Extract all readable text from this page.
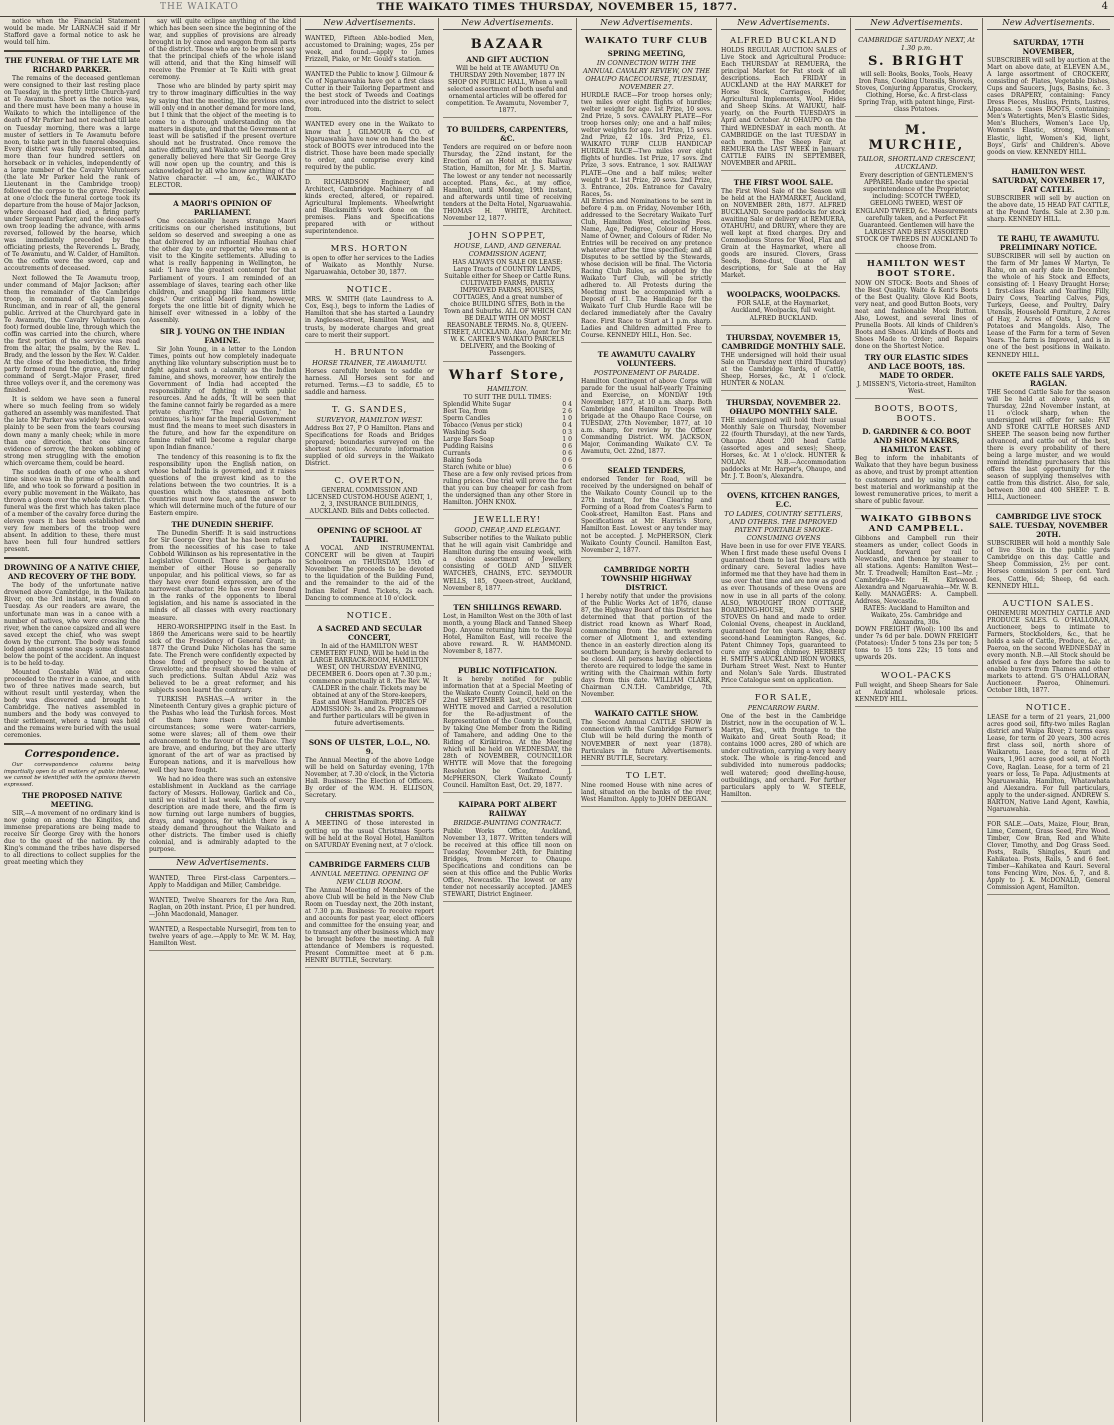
THE WAIKATO	THE WAIKATO TIMES THURSDAY, NOVEMBER 15, 1877.	4
notice when the Financial Statement would be made. Mr LARNACH said if Mr Stafford gave a formal notice to ask he would tell him.
THE FUNERAL OF THE LATE MR RICHARD PARKER.
The remains of the deceased gentleman were consigned to their last resting place on Tuesday, in the pretty little Church-yard at Te Awamutu. Short as the notice was, and there must have been many a house in Waikato to which the intelligence of the death of Mr Parker had not reached till late on Tuesday morning, there was a large muster of settlers in Te Awamutu before noon, to take part in the funeral obsequies. Every district was fully represented, and more than four hundred settlers on horseback or in vehicles, independently of a large number of the Cavalry Volunteers (the late Mr Parker held the rank of Lieutenant in the Cambridge troop) followed the corpse to the grave. Precisely at one o'clock the funeral cortege took its departure from the house of Major Jackson, where deceased had died, a firing party under Sergeant Parker, and the deceased's own troop leading the advance, with arms reversed, followed by the hearse, which was immediately preceded by the officiating priests, the Reverends L. Brady, of Te Awamutu, and W. Calder, of Hamilton. On the coffin were the sword, cap and accoutrements of deceased.
Next followed the Te Awamutu troop, under command of Major Jackson; after them the remainder of the Cambridge troop, in command of Captain James Runciman, and in rear of all, the general public. Arrived at the Churchyard gate in Te Awamutu, the Cavalry Volunteers (on foot) formed double line, through which the coffin was carried into the church, where the first portion of the service was read from the altar, the psalm, by the Rev. L. Brady, and the lesson by the Rev. W. Calder. At the close of the benediction, the firing party formed round the grave, and, under command of Sergt.-Major Fraser, fired three volleys over it, and the ceremony was finished.
It is seldom we have seen a funeral where so much feeling from so widely gathered an assembly was manifested. That the late Mr Parker was widely beloved was plainly to be seen from the tears coursing down many a manly cheek; while in more than one direction, that one sincere evidence of sorrow, the broken sobbing of strong men struggling with the emotion which overcame them, could be heard.
The sudden death of one who a short time since was in the prime of health and life, and who took so forward a position in every public movement in the Waikato, has thrown a gloom over the whole district. The funeral was the first which has taken place of a member of the cavalry force during the eleven years it has been established and very few members of the troop were absent. In addition to these, there must have been full four hundred settlers present.
DROWNING OF A NATIVE CHIEF, AND RECOVERY OF THE BODY.
The body of the unfortunate native drowned above Cambridge, in the Waikato River, on the 3rd instant, was found on Tuesday. As our readers are aware, the unfortunate man was in a canoe with a number of natives, who were crossing the river, when the canoe capsized and all were saved except the chief, who was swept down by the current. The body was found lodged amongst some snags some distance below the point of the accident. An inquest is to be held to-day.
Mounted Constable Wild at once proceeded to the river in a canoe, and with two of three natives made search, but without result until yesterday, when the body was discovered and brought to Cambridge. The natives assembled in numbers and the body was conveyed to their settlement, where a tangi was held and the remains were buried with the usual ceremonies.
Correspondence.
Our correspondence columns being impartially open to all matters of public interest, we cannot be identified with the opinions therein expressed.
THE PROPOSED NATIVE MEETING.
SIR,—A movement of no ordinary kind is now going on among the Kingites, and immense preparations are being made to receive Sir George Grey with the honors due to the guest of the nation. By the King's command the tribes have dispersed to all directions to collect supplies for the great meeting which they
say will quite eclipse anything of the kind which has been seen since the beginning of the war, and supplies of provisions are already brought in by canoe and waggon from all parts of the district. Those who are to be present say that the principal chiefs of the whole island will attend, and that the King himself will receive the Premier at Te Kuiti with great ceremony.
Those who are blinded by party spirit may try to throw imaginary difficulties in the way by saying that the meeting, like previous ones, will only end in another demand for more land, but I think that the object of the meeting is to come to a thorough understanding on the matters in dispute, and that the Government at least will be satisfied if the present overture should not be frustrated. Once remove the native difficulty, and Waikato will be made. It is generally believed here that Sir George Grey will now open up the country, and this is acknowledged by all who know anything of the Native character. —I am, &c., WAIKATO ELECTOR.
A MAORI'S OPINION OF PARLIAMENT.
One occasionally hears strange Maori criticisms on our cherished institutions, but seldom so deserved and sweeping a one as that delivered by an influential Hauhau chief the other day to our reporter, who was on a visit to the Kingite settlements. Alluding to what is really happening in Wellington, he said: 'I have the greatest contempt for that Parliament of yours. I am reminded of an assemblage of slaves, tearing each other like children, and snapping like hammers little dogs.' Our critical Maori friend, however, forgets the one little bit of dignity which he himself ever witnessed in a lobby of the Assembly.
SIR J. YOUNG ON THE INDIAN FAMINE.
Sir John Young, in a letter to the London Times, points out how completely inadequate anything like voluntary subscription must be to fight against such a calamity as the Indian famine, and shows, moreover, how entirely the Government of India had accepted the responsibility of fighting it with public resources. And he adds, 'It will be seen that the famine cannot fairly be regarded as a mere private charity.' 'The real question,' he continues, 'is how far the Imperial Government must find the means to meet such disasters in the future, and how far the expenditure on famine relief will become a regular charge upon Indian finance.'
The tendency of this reasoning is to fix the responsibility upon the English nation, on whose behalf India is governed, and it raises questions of the gravest kind as to the relations between the two countries. It is a question which the statesmen of both countries must now face, and the answer to which will determine much of the future of our Eastern empire.
THE DUNEDIN SHERIFF.
The Dunedin Sheriff: It is said instructions for Sir George Grey that he has been refused from the necessities of his case to take Cobbold Wilkinson as his representative in the Legislative Council. There is perhaps no member of either House so generally unpopular, and his political views, so far as they have ever found expression, are of the narrowest character. He has ever been found in the ranks of the opponents to liberal legislation, and his name is associated in the minds of all classes with every reactionary measure.
HERO-WORSHIPPING itself in the East. In 1869 the Americans were said to be heartily sick of the Presidency of General Grant; in 1877 the Grand Duke Nicholas has the same fate. The French were confidently expected by those fond of prophecy to be beaten at Gravelotte; and the result showed the value of such predictions. Sultan Abdul Aziz was believed to be a great reformer, and his subjects soon learnt the contrary.
TURKISH PASHAS.—A writer in the Nineteenth Century gives a graphic picture of the Pashas who lead the Turkish forces. Most of them have risen from humble circumstances; some were water-carriers, some were slaves; all of them owe their advancement to the favour of the Palace. They are brave, and enduring, but they are utterly ignorant of the art of war as practised by European nations, and it is marvellous how well they have fought.
We had no idea there was such an extensive establishment in Auckland as the carriage factory of Messrs. Holloway, Garlick and Co., until we visited it last week. Wheels of every description are made there, and the firm is now turning out large numbers of buggies, drays, and waggons, for which there is a steady demand throughout the Waikato and other districts. The timber used is chiefly colonial, and is admirably adapted to the purpose.
New Advertisements.
WANTED, Three First-class Carpenters.—Apply to Maddigan and Miller, Cambridge.
WANTED, Twelve Shearers for the Awa Run, Raglan, on 20th instant. Price, £1 per hundred.—John Macdonald, Manager.
WANTED, a Respectable Nursegirl, from ten to twelve years of age.—Apply to Mr. W. M. Hay, Hamilton West.
New Advertisements.
WANTED, Fifteen Able-bodied Men, accustomed to Draining; wages, 25s per week, and found.—apply to James Frizzell, Piako, or Mr. Gould's station.
WANTED the Public to know J. Gilmour & Co of Ngaruawahia have got a first class Cutter in their Tailoring Department and the best stock of Tweeds and Coatings ever introduced into the district to select from.
WANTED every one in the Waikato to know that J. GILMOUR & CO. of Ngaruawahia have now on hand the best stock of BOOTS ever introduced into the district. Those have been made specially to order, and comprise every kind required by the public.
D. RICHARDSON Engineer, and Architect, Cambridge. Machinery of all kinds erected, altered, or repaired. Agricultural Implements. Wheelwright and Blacksmith's work done on the premises. Plans and Specifications prepared with or without superintendence.
MRS. HORTON
is open to offer her services to the Ladies of Waikato as Monthly Nurse. Ngaruawahia, October 30, 1877.
NOTICE.
MRS. W. SMITH (late Laundress to A. Cox, Esq.), begs to inform the Ladies of Hamilton that she has started a Laundry in Anglesea-street, Hamilton West, and trusts, by moderate charges and great care to merit their support.
H. BRUNTON
HORSE TRAINER, TE AWAMUTU.
Horses carefully broken to saddle or harness. All Horses sent for and returned. Terms.—£3 to saddle, £5 to saddle and harness.
T. G. SANDES,
SURVEYOR, HAMILTON WEST.
Address Box 27, P O Hamilton. Plans and Specifications for Roads and Bridges prepared; boundaries surveyed on the shortest notice. Accurate information supplied of old surveys in the Waikato District.
C. OVERTON,
GENERAL COMMISSION AND LICENSED CUSTOM-HOUSE AGENT, 1, 2, 3, INSURANCE BUILDINGS, AUCKLAND. Bills and Debts collected.
OPENING OF SCHOOL AT TAUPIRI.
A VOCAL AND INSTRUMENTAL CONCERT will be given at Taupiri Schoolroom on THURSDAY, 15th of November. The proceeds to be devoted to the liquidation of the Building Fund, and the remainder to the aid of the Indian Relief Fund. Tickets, 2s each. Dancing to commence at 10 o'clock.
NOTICE.
A SACRED AND SECULAR CONCERT,
In aid of the HAMILTON WEST CEMETERY FUND, Will be held in the LARGE BARRACK-ROOM, HAMILTON WEST, ON THURSDAY EVENING, DECEMBER 6. Doors open at 7.30 p.m.; commence punctually at 8. The Rev. W. CALDER in the chair. Tickets may be obtained at any of the Store-keepers, East and West Hamilton. PRICES OF ADMISSION: 3s. and 2s. Programmes and further particulars will be given in future advertisements.
SONS OF ULSTER, L.O.L., NO. 9.
The Annual Meeting of the above Lodge will be held on Saturday evening, 17th November, at 7.30 o'clock, in the Victoria Hall. Business: The Election of Officers. By order of the W.M. H. ELLISON, Secretary.
CHRISTMAS SPORTS.
A MEETING of those interested in getting up the usual Christmas Sports will be held at the Royal Hotel, Hamilton on SATURDAY Evening next, at 7 o'clock.
CAMBRIDGE FARMERS CLUB
ANNUAL MEETING. OPENING OF NEW CLUB ROOM.
The Annual Meeting of Members of the above Club will be held in the New Club Room on Tuesday next, the 20th instant, at 7.30 p.m. Business: To receive report and accounts for past year, elect officers and committee for the ensuing year, and to transact any other business which may be brought before the meeting. A full attendance of Members is requested. Present Committee meet at 6 p.m. HENRY BUTTLE, Secretary.
New Advertisements.
BAZAAR
AND GIFT AUCTION
Will be held at TE AWAMUTU On THURSDAY 29th November, 1877 IN SHOP ON PUBLIC HALL, When a well selected assortment of both useful and ornamental articles will be offered for competition. Te Awamutu, November 7, 1877.
TO BUILDERS, CARPENTERS, &C.
Tenders are required on or before noon Thursday, the 22nd instant, for the Erection of an Hotel at the Railway Station, Hamilton, for Mr. J. S. Martin. The lowest or any tender not necessarily accepted. Plans, &c., at my office, Hamilton, until Monday, 19th instant, and afterwards until time of receiving tenders at the Delta Hotel, Ngaruawahia. THOMAS H. WHITE, Architect. November 12, 1877.
JOHN SOPPET,
HOUSE, LAND, AND GENERAL COMMISSION AGENT,
HAS ALWAYS ON SALE OR LEASE: Large Tracts of COUNTRY LANDS, Suitable either for Sheep or Cattle Runs. CULTIVATED FARMS, PARTLY IMPROVED FARMS, HOUSES, COTTAGES, And a great number of choice BUILDING SITES, Both in the Town and Suburbs. ALL OF WHICH CAN BE DEALT WITH ON MOST REASONABLE TERMS. No. 8, QUEEN-STREET, AUCKLAND. Also, Agent for Mr. W. K. CARTER'S WAIKATO PARCELS DELIVERY, and the Booking of Passengers.
Wharf Store,
HAMILTON.
TO SUIT THE DULL TIMES:
Splendid White Sugar	0 4
Best Tea, from	2 6
Sperm Candles	1 0
Tobacco (Venus per stick)	0 4
Washing Soda	0 3
Large Bars Soap	1 0
Pudding Raisins	0 6
Currants	0 6
Baking Soda	0 6
Starch (white or blue)	0 6
These are a few only revised prices from ruling prices. One trial will prove the fact that you can buy cheaper for cash from the undersigned than any other Store in Hamilton. JOHN KNOX.
JEWELLERY!
GOOD, CHEAP, AND ELEGANT.
Subscriber notifies to the Waikato public that he will again visit Cambridge and Hamilton during the ensuing week, with a choice assortment of Jewellery, consisting of GOLD AND SILVER WATCHES, CHAINS, ETC. SEYMOUR WELLS, 185, Queen-street, Auckland, November 8, 1877.
TEN SHILLINGS REWARD.
Lost, in Hamilton West on the 30th of last month, a young Black and Tanned Sheep Dog. Anyone returning him to the Royal Hotel, Hamilton East, will receive the above reward. R. W. HAMMOND. November 8, 1877.
PUBLIC NOTIFICATION.
It is hereby notified for public information that at a Special Meeting of the Waikato County Council, held on the 22nd SEPTEMBER last, COUNCILLOR WHYTE moved and Carried a resolution for the Re-adjustment of the Representation of the County in Council, by taking One Member from the Riding of Tamahere, and adding One to the Riding of Kirikiriroa. At the Meeting which will be held on WEDNESDAY, the 28th of NOVEMBER, COUNCILLOR WHYTE will Move that the foregoing Resolution be Confirmed. J. McPHERSON, Clerk Waikato County Council. Hamilton East, Oct. 29, 1877.
KAIPARA PORT ALBERT RAILWAY
BRIDGE-PAINTING CONTRACT.
Public Works Office, Auckland, November 13, 1877. Written tenders will be received at this office till noon on Tuesday, November 24th, for Painting Bridges, from Mercer to Ohaupo. Specifications and conditions can be seen at this office and the Public Works Office, Newcastle. The lowest or any tender not necessarily accepted. JAMES STEWART, District Engineer.
New Advertisements.
WAIKATO TURF CLUB
SPRING MEETING,
IN CONNECTION WITH THE ANNUAL CAVALRY REVIEW, ON THE OHAUPO RACECOURSE, TUESDAY, NOVEMBER 27.
HURDLE RACE—For troop horses only; two miles over eight flights of hurdles; welter weight for age. 1st Prize, 10 sovs. 2nd Prize, 5 sovs. CAVALRY PLATE—For troop horses only; one and a half miles; welter weights for age. 1st Prize, 15 sovs. 2nd Prize, £2 10s. 3rd Prize, £1. WAIKATO TURF CLUB HANDICAP HURDLE RACE—Two miles over eight flights of hurdles. 1st Prize, 17 sovs. 2nd Prize, 3 sovs. Entrance, 1 sov. RAILWAY PLATE—One and a half miles; welter weight 9 st. 1st Prize, 20 sovs. 2nd Prize, 3. Entrance, 20s. Entrance for Cavalry Races, 5s.
All Entries and Nominations to be sent in before 4 p.m. on Friday, November 16th, addressed to the Secretary Waikato Turf Club, Hamilton West, enclosing Fees. Name, Age, Pedigree, Colour of Horse, Name of Owner, and Colours of Rider. No Entries will be received on any pretence whatever after the time specified; and all Disputes to be settled by the Stewards, whose decision will be final. The Victoria Racing Club Rules, as adopted by the Waikato Turf Club, will be strictly adhered to. All Protests during the Meeting must be accompanied with a Deposit of £1. The Handicap for the Waikato Turf Club Hurdle Race will be declared immediately after the Cavalry Race. First Race to Start at 1 p.m. sharp. Ladies and Children admitted Free to Course. KENNEDY HILL, Hon. Sec.
TE AWAMUTU CAVALRY VOLUNTEERS.
POSTPONEMENT OF PARADE.
Hamilton Contingent of above Corps will parade for the usual half-yearly Training and Exercise, on MONDAY 19th November, 1877, at 10 a.m. sharp. Both Cambridge and Hamilton Troops will brigade at the Ohaupo Race Course, on TUESDAY, 27th November, 1877, at 10 a.m. sharp, for review by the Officer Commanding District. WM. JACKSON, Major, Commanding Waikato C.V. Te Awamutu, Oct. 22nd, 1877.
SEALED TENDERS,
endorsed Tender for Road, will be received by the undersigned on behalf of the Waikato County Council up to the 27th instant, for the Clearing and Forming of a Road from Coates's Farm to Cook-street, Hamilton East. Plans and Specifications at Mr. Harris's Store, Hamilton East. Lowest or any tender may not be accepted. J. McPHERSON, Clerk Waikato County Council. Hamilton East, November 2, 1877.
CAMBRIDGE NORTH TOWNSHIP HIGHWAY DISTRICT.
I hereby notify that under the provisions of the Public Works Act of 1876, clause 87, the Highway Board of this District has determined that that portion of the district road known as Wharf Road, commencing from the north western corner of Allotment 1, and extending thence in an easterly direction along its southern boundary, is hereby declared to be closed. All persons having objections thereto are required to lodge the same in writing with the Chairman within forty days from this date. WILLIAM CLARK, Chairman C.N.T.H. Cambridge, 7th November.
WAIKATO CATTLE SHOW.
The Second Annual CATTLE SHOW in connection with the Cambridge Farmer's Club will be held during the month of NOVEMBER of next year (1878). Particulars in future Advertisements. HENRY BUTTLE, Secretary.
TO LET.
Nine roomed House with nine acres of land, situated on the banks of the river, West Hamilton. Apply to JOHN DEEGAN.
New Advertisements.
ALFRED BUCKLAND
HOLDS REGULAR AUCTION SALES of Live Stock and Agricultural Produce: Each THURSDAY at REMUERA, the principal Market for Fat stock of all descriptions. Each FRIDAY in AUCKLAND at the HAY MARKET for Horse Stock, Carriages, Fodder, Agricultural Implements, Wool, Hides and Sheep Skins. At WAIUKU, half-yearly, on the Fourth TUESDAYS in April and October. At OHAUPO on the Third WEDNESDAY in each month. At CAMBRIDGE on the last TUESDAY in each month. The Sheep Fair, at REMUERA the LAST WEEK in January. CATTLE FAIRS IN SEPTEMBER, NOVEMBER and APRIL.
THE FIRST WOOL SALE.
The First Wool Sale of the Season will be held at the HAYMARKET, Auckland, on NOVEMBER 28th, 1877. ALFRED BUCKLAND. Secure paddocks for stock awaiting Sale or delivery at REMUERA, OTAHUHU, and DRURY, where they are well kept at fixed charges. Dry and Commodious Stores for Wool, Flax and Grain at the Haymarket, where all goods are insured. Clovers, Grass Seeds, Bone-dust, Guano of all descriptions, for Sale at the Hay Market.
WOOLPACKS, WOOLPACKS.
FOR SALE, at the Haymarket, Auckland, Woolpacks, full weight. ALFRED BUCKLAND.
THURSDAY, NOVEMBER 15, CAMBRIDGE MONTHLY SALE.
THE undersigned will hold their usual Sale on Thursday next (third Thursday) at the Cambridge Yards, of Cattle, Sheep, Horses, &c., At 1 o'clock. HUNTER & NOLAN.
THURSDAY, NOVEMBER 22. OHAUPO MONTHLY SALE.
THE undersigned will hold their usual Monthly Sale on Thursday, November 22 (fourth Thursday), at the new Yards, Ohaupo. About 200 head Cattle (assorted ages and sexes); Sheep, Horses, &c. At 1 o'clock. HUNTER & NOLAN. N.B.—Accommodation paddocks at Mr. Harper's, Ohaupo, and Mr. J. T. Boon's, Alexandra.
OVENS, KITCHEN RANGES, E.C.
TO LADIES, COUNTRY SETTLERS, AND OTHERS. THE IMPROVED PATENT PORTABLE SMOKE-CONSUMING OVENS
Have been in use for over FIVE YEARS. When I first made these useful Ovens I guaranteed them to last five years with ordinary care. Several ladies have informed me that they have had them in use over that time and are now as good as ever. Thousands of these Ovens are now in use in all parts of the colony. ALSO, WROUGHT IRON COTTAGE, BOARDING-HOUSE, AND SHIP STOVES On hand and made to order. Colonial Ovens, cheapest in Auckland, guaranteed for ten years. Also, cheap second-hand Leamington Ranges, &c. Patent Chimney Tops, guaranteed to cure any smoking chimney. HERBERT H. SMITH'S AUCKLAND IRON WORKS, Durham Street West. Next to Hunter and Nolan's Sale Yards. Illustrated Price Catalogue sent on application.
FOR SALE,
PENCARROW FARM.
One of the best in the Cambridge District, now in the occupation of W. L. Martyn, Esq., with frontage to the Waikato and Great South Road; it contains 1000 acres, 280 of which are under cultivation, carrying a very heavy stock. The whole is ring-fenced and subdivided into numerous paddocks; well watered; good dwelling-house, outbuildings, and orchard. For further particulars apply to W. STEELE, Hamilton.
New Advertisements.
CAMBRIDGE SATURDAY NEXT, At 1.30 p.m.
S. BRIGHT
will sell: Books, Books, Tools, Heavy Iron Pans, Cooking Utensils, Shovels, Stoves, Conjuring Apparatus, Crockery, Clothing, Horse, &c. A first-class Spring Trap, with patent hinge, First-class Potatoes.
M. MURCHIE,
TAILOR, SHORTLAND CRESCENT, AUCKLAND.
Every description of GENTLEMEN'S APPAREL Made under the special superintendence of the Proprietor, including: SCOTCH TWEED, GEELONG TWEED, WEST OF ENGLAND TWEED, &c. Measurements carefully taken, and a Perfect Fit Guaranteed. Gentlemen will have the LARGEST AND BEST ASSORTED STOCK OF TWEEDS IN AUCKLAND To choose from.
HAMILTON WEST BOOT STORE.
NOW ON STOCK: Boots and Shoes of the Best Quality. Waite & Kent's Boots of the Best Quality. Glove Kid Boots, very neat, and good Button Boots, very neat and fashionable Mock Button. Also, Lowest, and several lines of Prunella Boots. All kinds of Children's Boots and Shoes. All kinds of Boots and Shoes Made to Order; and Repairs done on the Shortest Notice.
TRY OUR ELASTIC SIDES AND LACE BOOTS, 18S. MADE TO ORDER.
J. MISSEN'S, Victoria-street, Hamilton West.
BOOTS, BOOTS, BOOTS.
D. GARDINER & CO. BOOT AND SHOE MAKERS, HAMILTON EAST.
Beg to inform the inhabitants of Waikato that they have begun business as above, and trust by prompt attention to customers and by using only the best material and workmanship at the lowest remunerative prices, to merit a share of public favour.
WAIKATO GIBBONS AND CAMPBELL.
Gibbons and Campbell run their steamers as under, collect Goods in Auckland, forward per rail to Newcastle, and thence by steamer to all stations. Agents: Hamilton West—Mr. T. Treadwell; Hamilton East—Mr. ; Cambridge—Mr. H. Kirkwood. Alexandra and Ngaruawahia—Mr. W. B. Kelly. MANAGERS: A. Campbell. Address, Newcastle.
RATES: Auckland to Hamilton and Waikato, 25s. Cambridge and Alexandra, 30s.
DOWN FREIGHT (Wool): 100 lbs and under 7s 6d per bale. DOWN FREIGHT (Potatoes): Under 5 tons 23s per ton; 5 tons to 15 tons 22s; 15 tons and upwards 20s.
WOOL-PACKS
Full weight, and Sheep Shears for Sale at Auckland wholesale prices. KENNEDY HILL.
New Advertisements.
SATURDAY, 17TH NOVEMBER,
SUBSCRIBER will sell by auction at the Mart on above date, at ELEVEN A.M., A large assortment of CROCKERY, consisting of: Plates, Vegetable Dishes, Cups and Saucers, Jugs, Basins, &c. 3 cases DRAPERY, containing: Fancy Dress Pieces, Muslins, Prints, Lustres, Alpacas. 5 cases BOOTS, containing: Men's Watertights, Men's Elastic Sides, Men's Bluchers, Women's Lace Up, Women's Elastic, strong, Women's Elastic, light, Women's Kid, light, Boys', Girls' and Children's. Above goods on view. KENNEDY HILL.
HAMILTON WEST. SATURDAY, NOVEMBER 17, FAT CATTLE.
SUBSCRIBER will sell by auction on the above date, 15 HEAD FAT CATTLE, at the Pound Yards. Sale at 2.30 p.m. sharp. KENNEDY HILL.
TE RAHU, TE AWAMUTU. PRELIMINARY NOTICE.
SUBSCRIBER will sell by auction on the farm of Mr James W Martyn, Te Rahu, on an early date in December, the whole of his Stock and Effects, consisting of: 1 Heavy Draught Horse; 1 first-class Hack and Yearling Filly, Dairy Cows, Yearling Calves, Pigs, Turkeys, Geese, and Poultry, Dairy Utensils, Household Furniture, 2 Acres of Hay, 2 Acres of Oats, 1 Acre of Potatoes and Mangolds. Also, The Lease of the Farm for a term of Seven Years. The farm is Improved, and is in one of the best positions in Waikato. KENNEDY HILL.
OKETE FALLS SALE YARDS, RAGLAN.
THE Second Cattle Sale for the season will be held at above yards, on Thursday, 22nd November instant, at 11 o'clock sharp, when the undersigned will offer for sale: FAT AND STORE CATTLE HORSES AND SHEEP. The season being now further advanced, and cattle out of the best, there is every probability of there being a large muster, and we would remind intending purchasers that this offers the last opportunity for the season of supplying themselves with cattle from this district. Also, for sale, between 300 and 400 SHEEP. T. B. HILL, Auctioneer.
CAMBRIDGE LIVE STOCK SALE. TUESDAY, NOVEMBER 20TH.
SUBSCRIBER will hold a monthly Sale of live Stock in the public yards Cambridge on this day. Cattle and Sheep Commission, 2½ per cent. Horses commission 5 per cent. Yard fees, Cattle, 6d; Sheep, 6d each. KENNEDY HILL.
AUCTION SALES.
OHINEMURI MONTHLY CATTLE AND PRODUCE SALES. G. O'HALLORAN, Auctioneer, begs to intimate to Farmers, Stockholders, &c., that he holds a sale of Cattle, Produce, &c., at Paeroa, on the second WEDNESDAY in every month. N.B.—All Stock should be advised a few days before the sale to enable buyers from Thames and other markets to attend. G'S O'HALLORAN, Auctioneer. Paeroa, Ohinemuri. October 18th, 1877.
NOTICE.
LEASE for a term of 21 years, 21,000 acres good soil, fifty-two miles Raglan district and Waipa River; 2 terms easy. Lease, for term of 20 years, 300 acres first class soil, north shore of Waikaretu. Lease, for a term of 21 years, 1,961 acres good soil, at North Cove, Raglan. Lease, for a term of 21 years or less, Te Papa. Adjustments at Ngaruawahia, Hamilton, Whatawhata and Alexandra. For full particulars, apply to the under-signed. ANDREW S. BARTON, Native Land Agent, Kawhia, Ngaruawahia.
FOR SALE.—Oats, Maize, Flour, Bran, Lime, Cement, Grass Seed, Fire Wood. Timber, Cow Bran, Red and White Clover, Timothy, and Dog Grass Seed. Posts, Rails, Shingles, Kauri and Kahikatea. Posts, Rails, 5 and 6 feet. Timber—Kahikatea and Kauri. Several tons Fencing Wire, Nos. 6, 7, and 8. Apply to J. K. McDONALD, General Commission Agent, Hamilton.
